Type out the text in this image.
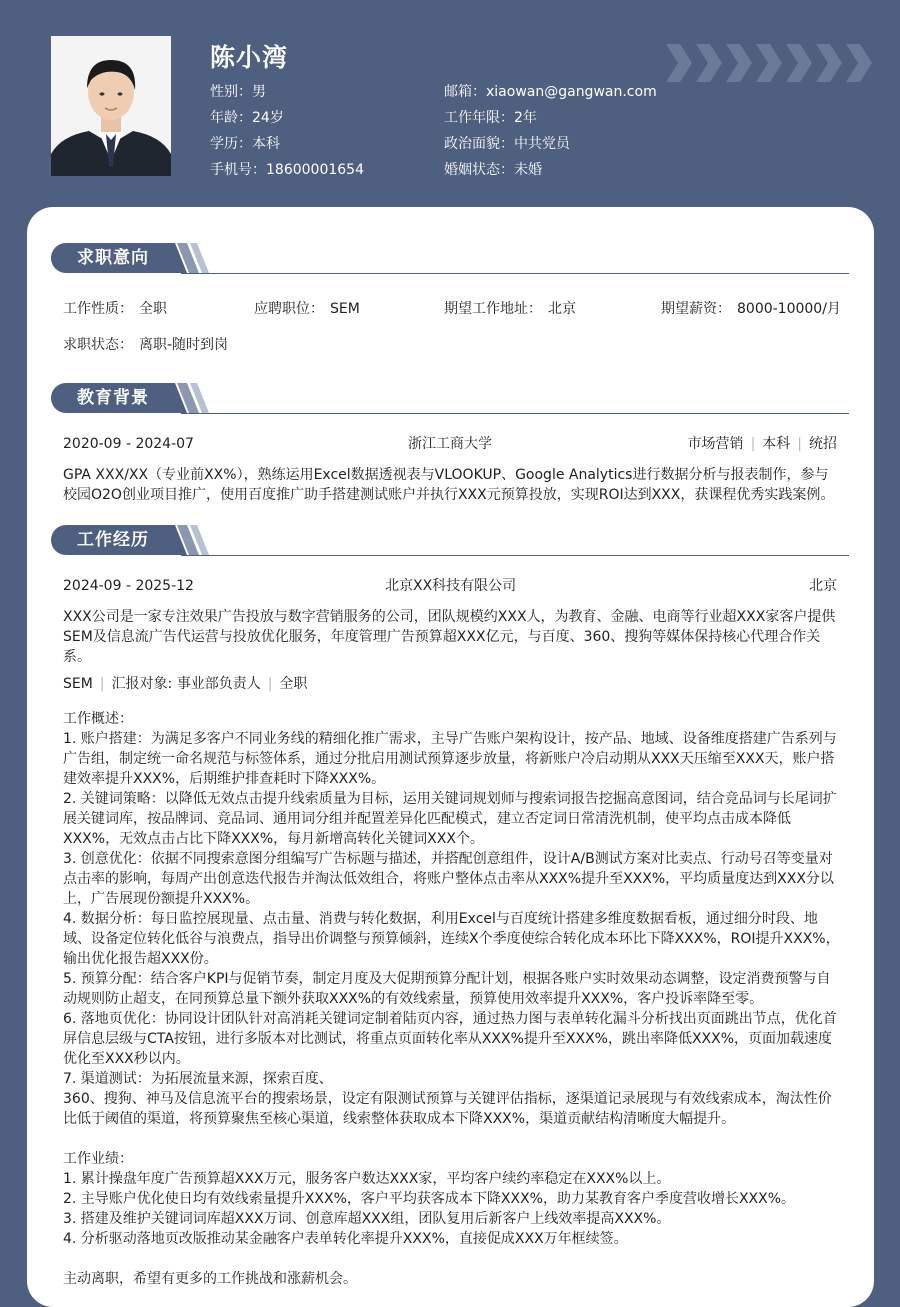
陈小湾
性别：男
年龄：24岁
学历：本科
手机号：18600001654
邮箱：xiaowan@gangwan.com
工作年限：2年
政治面貌：中共党员
婚姻状态：未婚
求职意向
工作性质： 全职	应聘职位： SEM	期望工作地址： 北京	期望薪资： 8000-10000/月
求职状态： 离职-随时到岗
教育背景
2020-09 - 2024-07	浙江工商大学	市场营销 | 本科 | 统招
GPA XXX/XX（专业前XX%），熟练运用Excel数据透视表与VLOOKUP、Google Analytics进行数据分析与报表制作，参与
校园O2O创业项目推广，使用百度推广助手搭建测试账户并执行XXX元预算投放，实现ROI达到XXX，获课程优秀实践案例。
工作经历
2024-09 - 2025-12	北京XX科技有限公司	北京
XXX公司是一家专注效果广告投放与数字营销服务的公司，团队规模约XXX人，为教育、金融、电商等行业超XXX家客户提供
SEM及信息流广告代运营与投放优化服务，年度管理广告预算超XXX亿元，与百度、360、搜狗等媒体保持核心代理合作关
系。
SEM | 汇报对象: 事业部负责人 | 全职
工作概述：
1. 账户搭建：为满足多客户不同业务线的精细化推广需求，主导广告账户架构设计，按产品、地域、设备维度搭建广告系列与
广告组，制定统一命名规范与标签体系，通过分批启用测试预算逐步放量，将新账户冷启动期从XXX天压缩至XXX天，账户搭
建效率提升XXX%，后期维护排查耗时下降XXX%。
2. 关键词策略：以降低无效点击提升线索质量为目标，运用关键词规划师与搜索词报告挖掘高意图词，结合竞品词与长尾词扩
展关键词库，按品牌词、竞品词、通用词分组并配置差异化匹配模式，建立否定词日常清洗机制，使平均点击成本降低
XXX%，无效点击占比下降XXX%，每月新增高转化关键词XXX个。
3. 创意优化：依据不同搜索意图分组编写广告标题与描述，并搭配创意组件，设计A/B测试方案对比卖点、行动号召等变量对
点击率的影响，每周产出创意迭代报告并淘汰低效组合，将账户整体点击率从XXX%提升至XXX%，平均质量度达到XXX分以
上，广告展现份额提升XXX%。
4. 数据分析：每日监控展现量、点击量、消费与转化数据，利用Excel与百度统计搭建多维度数据看板，通过细分时段、地
域、设备定位转化低谷与浪费点，指导出价调整与预算倾斜，连续X个季度使综合转化成本环比下降XXX%，ROI提升XXX%，
输出优化报告超XXX份。
5. 预算分配：结合客户KPI与促销节奏，制定月度及大促期预算分配计划，根据各账户实时效果动态调整，设定消费预警与自
动规则防止超支，在同预算总量下额外获取XXX%的有效线索量，预算使用效率提升XXX%，客户投诉率降至零。
6. 落地页优化：协同设计团队针对高消耗关键词定制着陆页内容，通过热力图与表单转化漏斗分析找出页面跳出节点，优化首
屏信息层级与CTA按钮，进行多版本对比测试，将重点页面转化率从XXX%提升至XXX%，跳出率降低XXX%，页面加载速度
优化至XXX秒以内。
7. 渠道测试：为拓展流量来源，探索百度、
360、搜狗、神马及信息流平台的搜索场景，设定有限测试预算与关键评估指标，逐渠道记录展现与有效线索成本，淘汰性价
比低于阈值的渠道，将预算聚焦至核心渠道，线索整体获取成本下降XXX%，渠道贡献结构清晰度大幅提升。
工作业绩：
1. 累计操盘年度广告预算超XXX万元，服务客户数达XXX家，平均客户续约率稳定在XXX%以上。
2. 主导账户优化使日均有效线索量提升XXX%，客户平均获客成本下降XXX%，助力某教育客户季度营收增长XXX%。
3. 搭建及维护关键词词库超XXX万词、创意库超XXX组，团队复用后新客户上线效率提高XXX%。
4. 分析驱动落地页改版推动某金融客户表单转化率提升XXX%，直接促成XXX万年框续签。
主动离职，希望有更多的工作挑战和涨薪机会。
